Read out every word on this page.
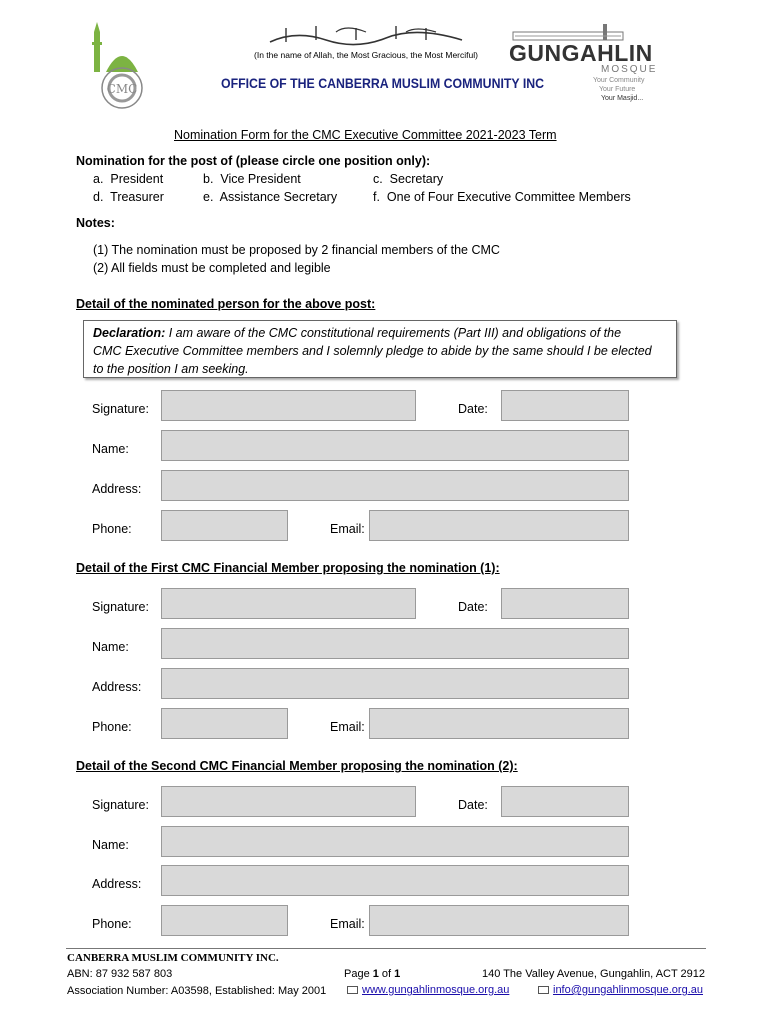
CMC
(In the name of Allah, the Most Gracious, the Most Merciful)
OFFICE OF THE CANBERRA MUSLIM COMMUNITY INC
GUNGAHLIN
MOSQUE
Your Community
Your Future
Your Masjid...
Nomination Form for the CMC Executive Committee 2021-2023 Term
Nomination for the post of (please circle one position only):
a.  President	b.  Vice President	c.  Secretary
d.  Treasurer	e.  Assistance Secretary	f.  One of Four Executive Committee Members
Notes:
(1) The nomination must be proposed by 2 financial members of the CMC
(2) All fields must be completed and legible
Detail of the nominated person for the above post:
Declaration: I am aware of the CMC constitutional requirements (Part III) and obligations of the
CMC Executive Committee members and I solemnly pledge to abide by the same should I be elected
to the position I am seeking.
Signature:	Date:
Name:
Address:
Phone:	Email:
Detail of the First CMC Financial Member proposing the nomination (1):
Signature:	Date:
Name:
Address:
Phone:	Email:
Detail of the Second CMC Financial Member proposing the nomination (2):
Signature:	Date:
Name:
Address:
Phone:	Email:
CANBERRA MUSLIM COMMUNITY INC.
ABN: 87 932 587 803
Association Number: A03598, Established: May 2001
Page 1 of 1	140 The Valley Avenue, Gungahlin, ACT 2912
www.gungahlinmosque.org.au	info@gungahlinmosque.org.au
